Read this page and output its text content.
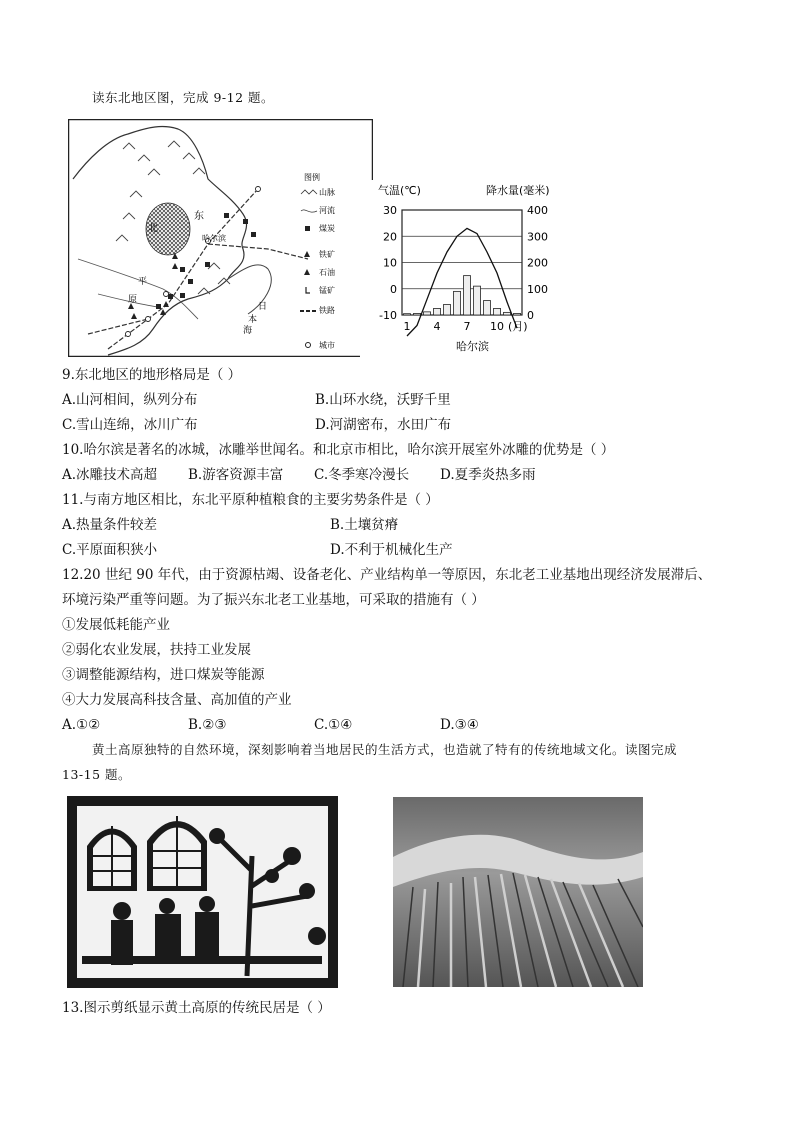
读东北地区图，完成 9-12 题。
北
东
哈尔滨
平
原
日
本
海
图例
山脉
河流
煤炭
铁矿
石油
锰矿
铁路
城市
气温(℃)	降水量(毫米)
30
20
10
0
-10
400
300
200
100
0
1 4 7 10 (月)
哈尔滨
9.东北地区的地形格局是（ ）
A.山河相间，纵列分布	B.山环水绕，沃野千里
C.雪山连绵，冰川广布	D.河湖密布，水田广布
10.哈尔滨是著名的冰城，冰雕举世闻名。和北京市相比，哈尔滨开展室外冰雕的优势是（ ）
A.冰雕技术高超 B.游客资源丰富 C.冬季寒冷漫长 D.夏季炎热多雨
11.与南方地区相比，东北平原种植粮食的主要劣势条件是（ ）
A.热量条件较差	B.土壤贫瘠
C.平原面积狭小	D.不利于机械化生产
12.20 世纪 90 年代，由于资源枯竭、设备老化、产业结构单一等原因，东北老工业基地出现经济发展滞后、
环境污染严重等问题。为了振兴东北老工业基地，可采取的措施有（ ）
①发展低耗能产业
②弱化农业发展，扶持工业发展
③调整能源结构，进口煤炭等能源
④大力发展高科技含量、高加值的产业
A.①②	B.②③	C.①④	D.③④
黄土高原独特的自然环境，深刻影响着当地居民的生活方式，也造就了特有的传统地域文化。读图完成
13-15 题。
13.图示剪纸显示黄土高原的传统民居是（ ）
